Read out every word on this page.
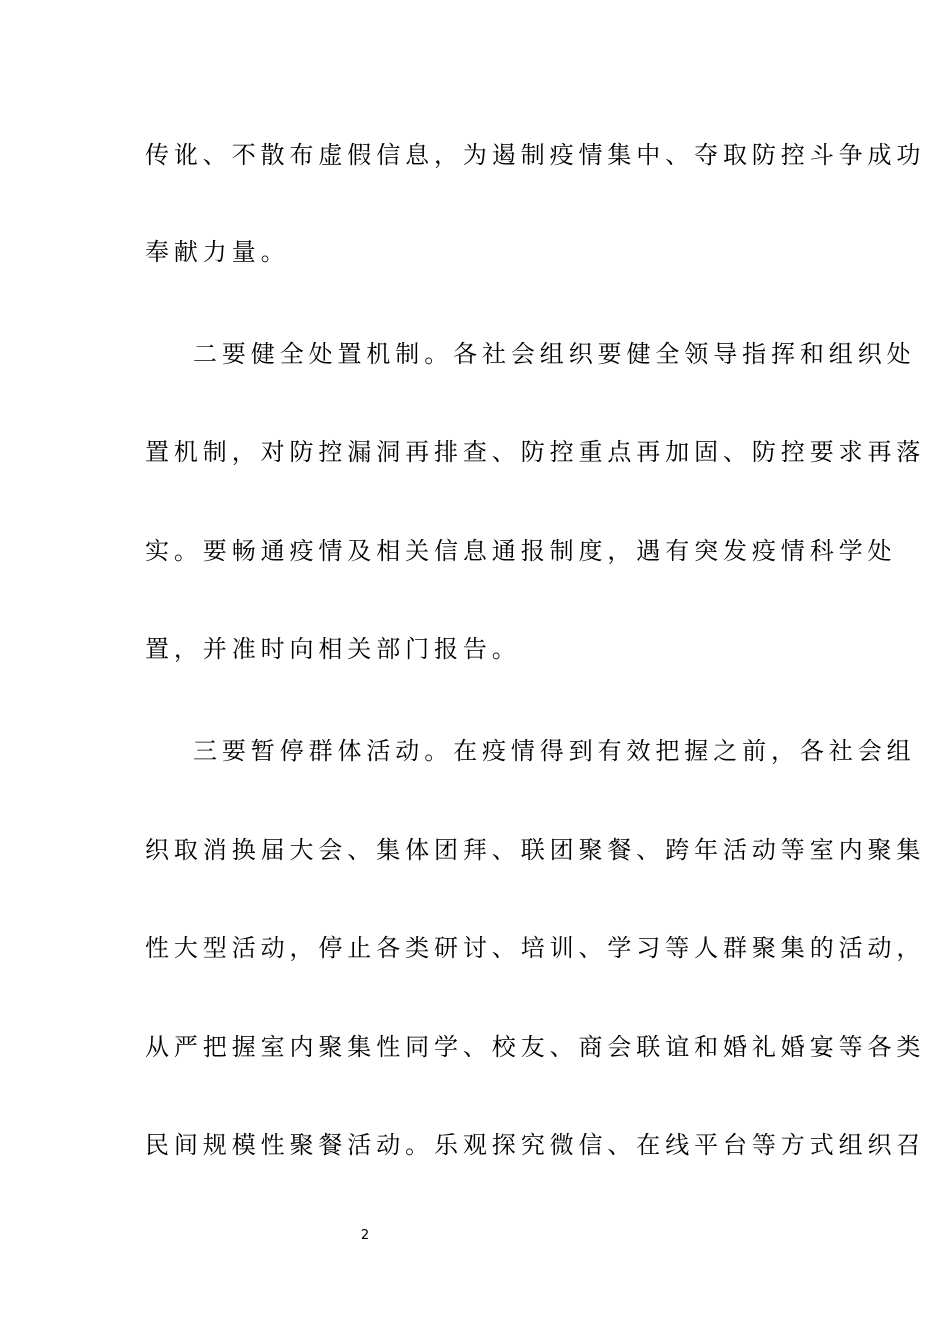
传讹、不散布虚假信息，为遏制疫情集中、夺取防控斗争成功
奉献力量。
二要健全处置机制。各社会组织要健全领导指挥和组织处
置机制，对防控漏洞再排查、防控重点再加固、防控要求再落
实。要畅通疫情及相关信息通报制度，遇有突发疫情科学处
置，并准时向相关部门报告。
三要暂停群体活动。在疫情得到有效把握之前，各社会组
织取消换届大会、集体团拜、联团聚餐、跨年活动等室内聚集
性大型活动，停止各类研讨、培训、学习等人群聚集的活动，
从严把握室内聚集性同学、校友、商会联谊和婚礼婚宴等各类
民间规模性聚餐活动。乐观探究微信、在线平台等方式组织召
2
